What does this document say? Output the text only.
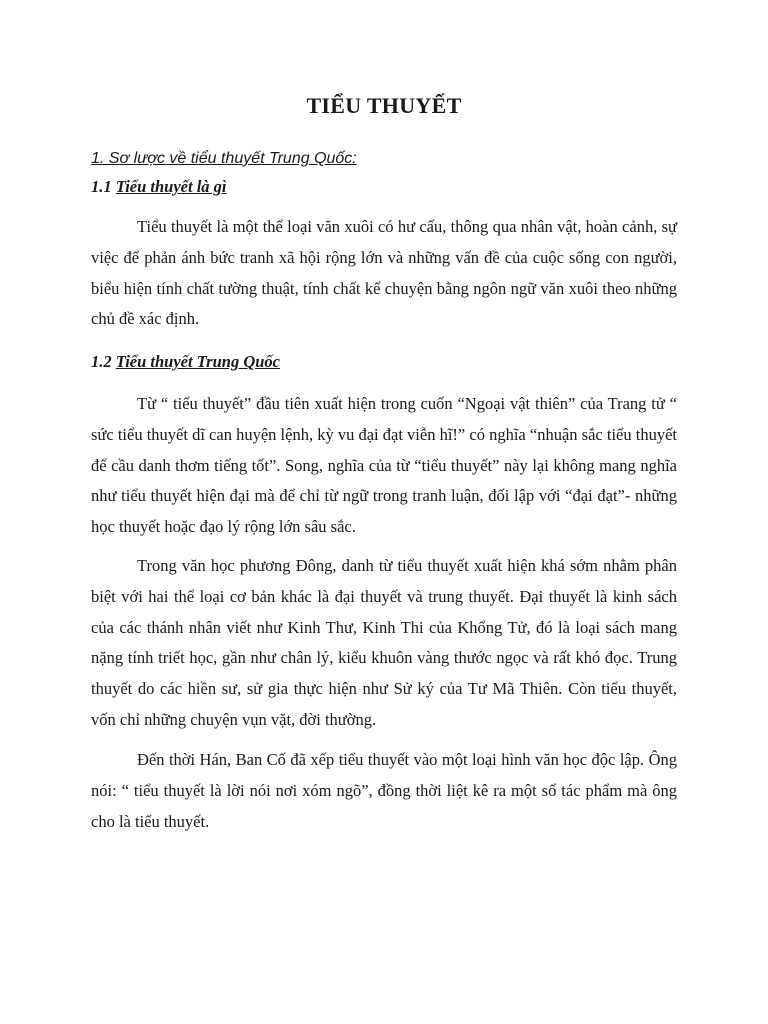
TIỂU THUYẾT
1. Sơ lược về tiểu thuyết Trung Quốc:
1.1 Tiểu thuyết là gì
Tiểu thuyết là một thể loại văn xuôi có hư cấu, thông qua nhân vật, hoàn cảnh, sự việc để phản ánh bức tranh xã hội rộng lớn và những vấn đề của cuộc sống con người, biểu hiện tính chất tường thuật, tính chất kể chuyện bằng ngôn ngữ văn xuôi theo những chủ đề xác định.
1.2 Tiểu thuyết Trung Quốc
Từ “ tiểu thuyết” đầu tiên xuất hiện trong cuốn “Ngoại vật thiên” của Trang tử “ sức tiểu thuyết dĩ can huyện lệnh, kỳ vu đại đạt viễn hĩ!” có nghĩa “nhuận sắc tiểu thuyết để cầu danh thơm tiếng tốt”. Song, nghĩa của từ “tiểu thuyết” này lại không mang nghĩa như tiểu thuyết hiện đại mà để chỉ từ ngữ trong tranh luận, đối lập với “đại đạt”- những học thuyết hoặc đạo lý rộng lớn sâu sắc.
Trong văn học phương Đông, danh từ tiểu thuyết xuất hiện khá sớm nhằm phân biệt với hai thể loại cơ bản khác là đại thuyết và trung thuyết. Đại thuyết là kinh sách của các thánh nhân viết như Kinh Thư, Kinh Thi của Khổng Tử, đó là loại sách mang nặng tính triết học, gần như chân lý, kiểu khuôn vàng thước ngọc và rất khó đọc. Trung thuyết do các hiền sư, sử gia thực hiện như Sử ký của Tư Mã Thiên. Còn tiểu thuyết, vốn chỉ những chuyện vụn vặt, đời thường.
Đến thời Hán, Ban Cố đã xếp tiểu thuyết vào một loại hình văn học độc lập. Ông nói: “ tiểu thuyết là lời nói nơi xóm ngõ”, đồng thời liệt kê ra một số tác phẩm mà ông cho là tiểu thuyết.
